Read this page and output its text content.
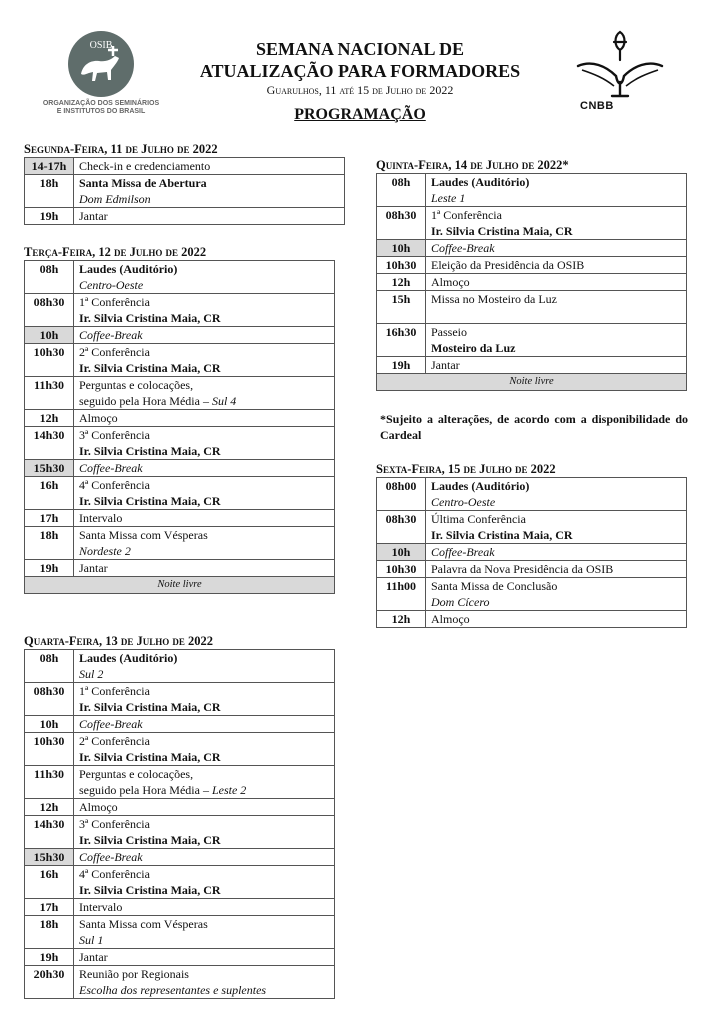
OSIB
ORGANIZAÇÃO DOS SEMINÁRIOS
E INSTITUTOS DO BRASIL
SEMANA NACIONAL DE
ATUALIZAÇÃO PARA FORMADORES
Guarulhos, 11 até 15 de Julho de 2022
PROGRAMAÇÃO	CNBB
Segunda-Feira, 11 de Julho de 2022
14-17h	Check-in e credenciamento

18h	Santa Missa de Abertura
Dom Edmilson

19h	Jantar
Terça-Feira, 12 de Julho de 2022
08h	Laudes (Auditório)
Centro-Oeste

08h30	1ª Conferência
Ir. Silvia Cristina Maia, CR

10h	Coffee-Break

10h30	2ª Conferência
Ir. Silvia Cristina Maia, CR

11h30	Perguntas e colocações,
seguido pela Hora Média – Sul 4

12h	Almoço

14h30	3ª Conferência
Ir. Silvia Cristina Maia, CR

15h30	Coffee-Break

16h	4ª Conferência
Ir. Silvia Cristina Maia, CR

17h	Intervalo

18h	Santa Missa com Vésperas
Nordeste 2

19h	Jantar

Noite livre	
Quarta-Feira, 13 de Julho de 2022
08h	Laudes (Auditório)
Sul 2

08h30	1ª Conferência
Ir. Silvia Cristina Maia, CR

10h	Coffee-Break

10h30	2ª Conferência
Ir. Silvia Cristina Maia, CR

11h30	Perguntas e colocações,
seguido pela Hora Média – Leste 2

12h	Almoço

14h30	3ª Conferência
Ir. Silvia Cristina Maia, CR

15h30	Coffee-Break

16h	4ª Conferência
Ir. Silvia Cristina Maia, CR

17h	Intervalo

18h	Santa Missa com Vésperas
Sul 1

19h	Jantar

20h30	Reunião por Regionais
Escolha dos representantes e suplentes
Quinta-Feira, 14 de Julho de 2022*
08h	Laudes (Auditório)
Leste 1

08h30	1ª Conferência
Ir. Silvia Cristina Maia, CR

10h	Coffee-Break

10h30	Eleição da Presidência da OSIB

12h	Almoço

15h	Missa no Mosteiro da Luz

16h30	Passeio
Mosteiro da Luz

19h	Jantar

Noite livre	
Sexta-Feira, 15 de Julho de 2022
08h00	Laudes (Auditório)
Centro-Oeste

08h30	Última Conferência
Ir. Silvia Cristina Maia, CR

10h	Coffee-Break

10h30	Palavra da Nova Presidência da OSIB

11h00	Santa Missa de Conclusão
Dom Cícero

12h	Almoço
*Sujeito a alterações, de acordo com a disponibilidade do Cardeal
